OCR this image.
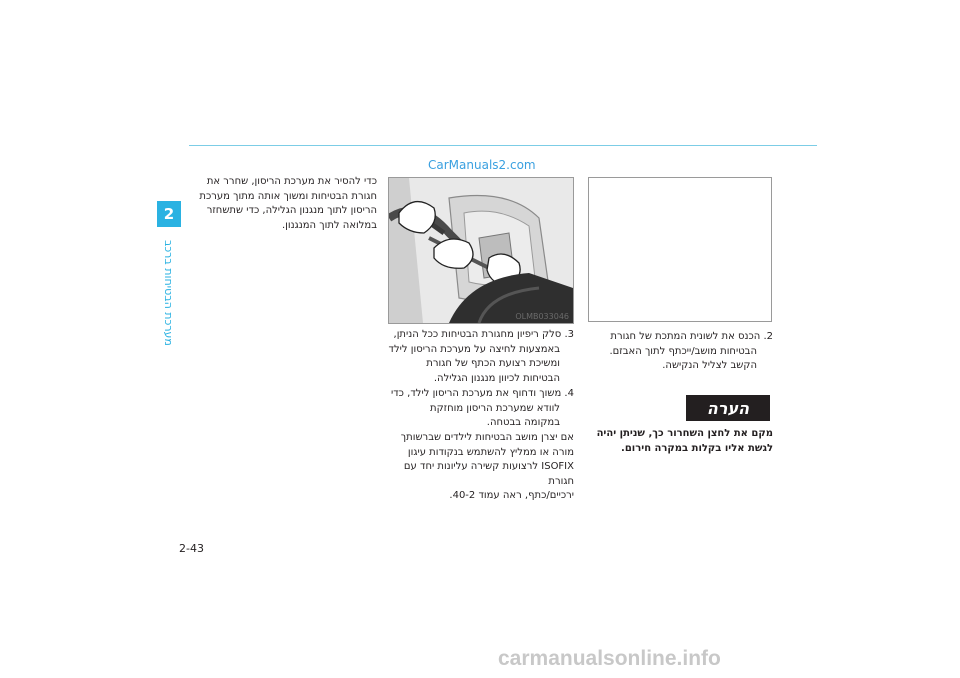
2
מערכת הבטיחות ברכב
CarManuals2.com

2. הכנס את לשונית המתכת של חגורת

הבטיחות מושב/ייכתף לתוך האבזם.

הקשב לצליל הנקישה.

הערה

מקם את לחצן השחרור כך, שניתן יהיה

לגשת אליו בקלות במקרה חירום.

OLMB033046

3. סלק ריפיון מחגורת הבטיחות ככל הניתן,

באמצעות לחיצה על מערכת הריסון לילד

ומשיכת רצועת הכתף של חגורת

הבטיחות לכיוון מנגנון הגלילה.

4. משוך ודחוף את מערכת הריסון לילד, כדי

לוודא שמערכת הריסון מוחזקת

במקומה בבטחה.

אם יצרן מושב הבטיחות לילדים שברשותך

מורה או ממליץ להשתמש בנקודות עיגון

ISOFIX לרצועות קשירה עליונות יחד עם חגורת

ירכיים/כתף, ראה עמוד 40-2.

כדי להסיר את מערכת הריסון, שחרר את

חגורת הבטיחות ומשוך אותה מתוך מערכת

הריסון לתוך מנגנון הגלילה, כדי שתשחזר

במלואה לתוך המנגנון.

2-43
carmanualsonline.info
